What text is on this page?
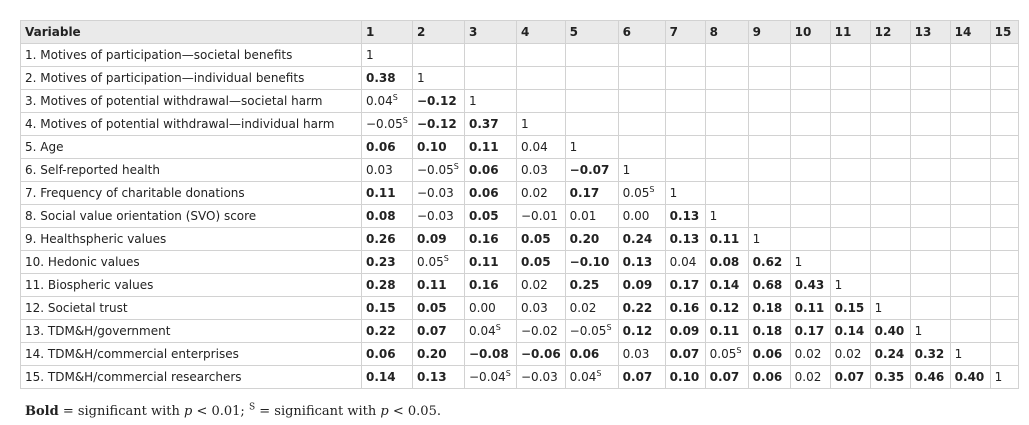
Variable	1	2	3	4	5	6	7	8	9	10	11	12	13	14	15
1. Motives of participation—societal benefits	1														
2. Motives of participation—individual benefits	0.38	1													
3. Motives of potential withdrawal—societal harm	$0.04^S$	−0.12	1												
4. Motives of potential withdrawal—individual harm	$-0.05^S$	−0.12	0.37	1											
5. Age	0.06	0.10	0.11	0.04	1										
6. Self-reported health	0.03	$-0.05^S$	0.06	0.03	−0.07	1									
7. Frequency of charitable donations	0.11	−0.03	0.06	0.02	0.17	$0.05^S$	1								
8. Social value orientation (SVO) score	0.08	−0.03	0.05	−0.01	0.01	0.00	0.13	1							
9. Healthspheric values	0.26	0.09	0.16	0.05	0.20	0.24	0.13	0.11	1						
10. Hedonic values	0.23	$0.05^S$	0.11	0.05	−0.10	0.13	0.04	0.08	0.62	1					
11. Biospheric values	0.28	0.11	0.16	0.02	0.25	0.09	0.17	0.14	0.68	0.43	1				
12. Societal trust	0.15	0.05	0.00	0.03	0.02	0.22	0.16	0.12	0.18	0.11	0.15	1			
13. TDM&H/government	0.22	0.07	$0.04^S$	−0.02	$-0.05^S$	0.12	0.09	0.11	0.18	0.17	0.14	0.40	1		
14. TDM&H/commercial enterprises	0.06	0.20	−0.08	−0.06	0.06	0.03	0.07	$0.05^S$	0.06	0.02	0.02	0.24	0.32	1	
15. TDM&H/commercial researchers	0.14	0.13	$-0.04^S$	−0.03	$0.04^S$	0.07	0.10	0.07	0.06	0.02	0.07	0.35	0.46	0.40	1
Bold = significant with p < 0.01; $^S$ = significant with p < 0.05.
